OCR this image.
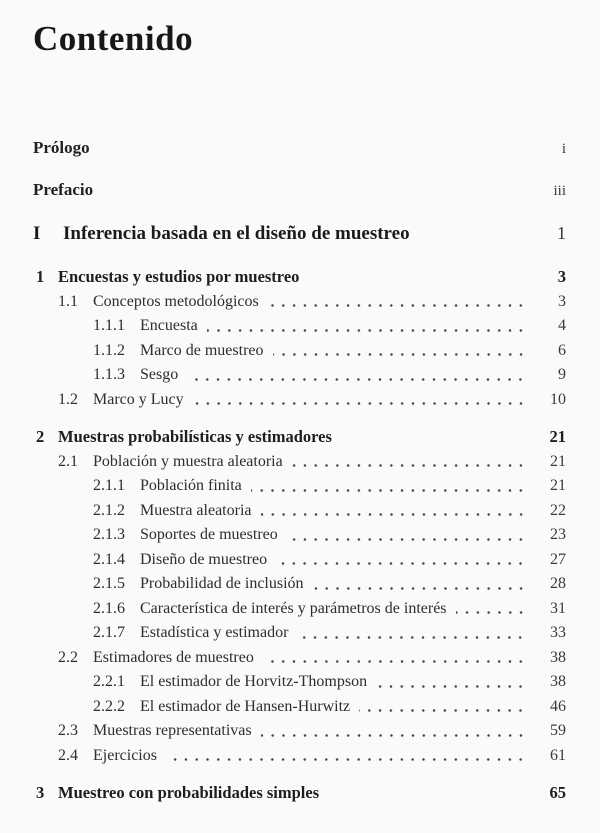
Contenido
Prólogo	i
Prefacio	iii
I	Inferencia basada en el diseño de muestreo	1
1 Encuestas y estudios por muestreo	3
1.1 Conceptos metodológicos	3
1.1.1 Encuesta	4
1.1.2 Marco de muestreo	6
1.1.3 Sesgo	9
1.2 Marco y Lucy	10
2 Muestras probabilísticas y estimadores	21
2.1 Población y muestra aleatoria	21
2.1.1 Población finita	21
2.1.2 Muestra aleatoria	22
2.1.3 Soportes de muestreo	23
2.1.4 Diseño de muestreo	27
2.1.5 Probabilidad de inclusión	28
2.1.6 Característica de interés y parámetros de interés	31
2.1.7 Estadística y estimador	33
2.2 Estimadores de muestreo	38
2.2.1 El estimador de Horvitz-Thompson	38
2.2.2 El estimador de Hansen-Hurwitz	46
2.3 Muestras representativas	59
2.4 Ejercicios	61
3 Muestreo con probabilidades simples	65
